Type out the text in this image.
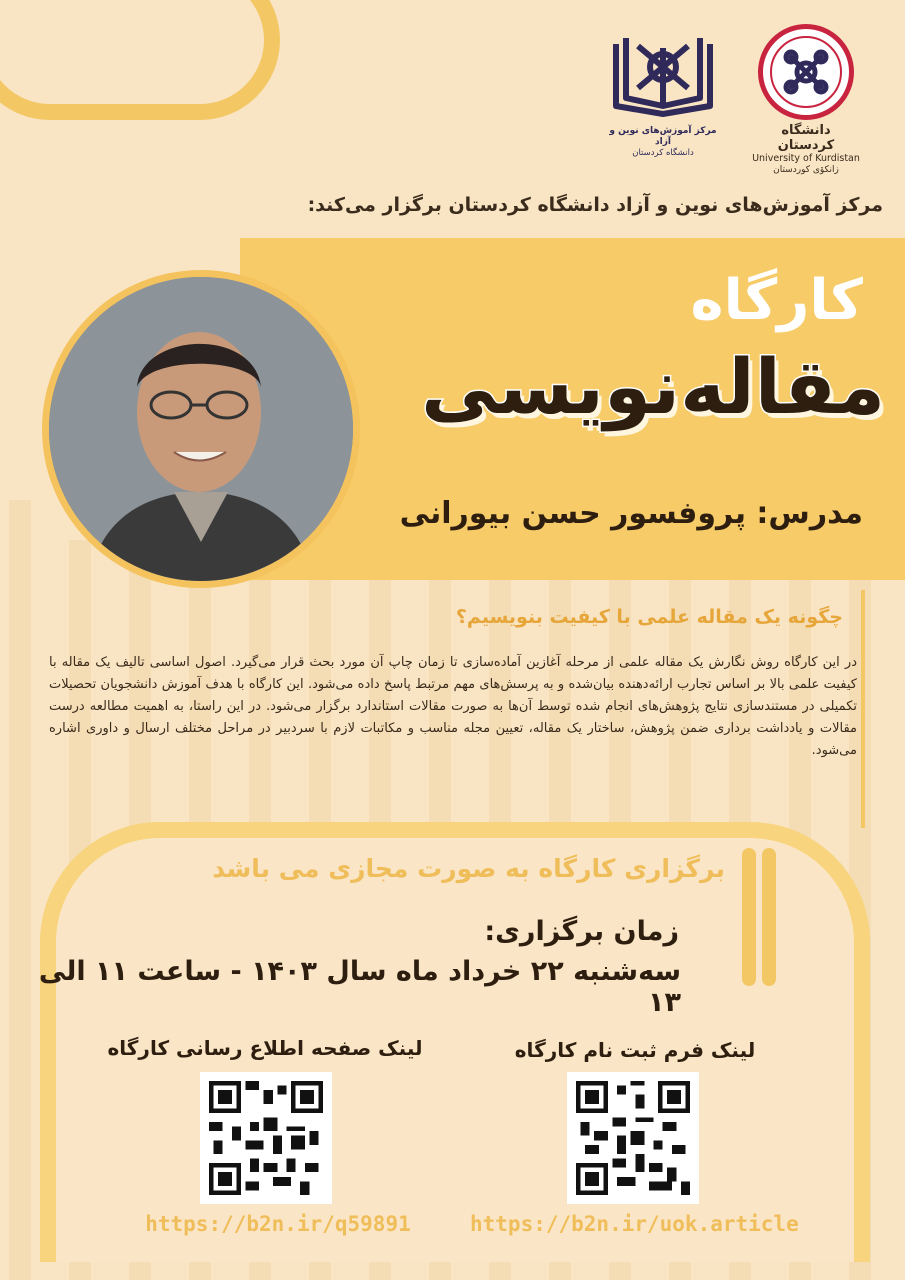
دانشگاه کردستان
University of Kurdistan
زانکۆی کوردستان
مرکز آموزش‌های نوین و آزاد
دانشگاه کردستان
مرکز آموزش‌های نوین و آزاد دانشگاه کردستان برگزار می‌کند:
کارگاه
مقاله‌نویسی
مدرس: پروفسور حسن بیورانی
چگونه یک مقاله علمی با کیفیت بنویسیم؟
در این کارگاه روش نگارش یک مقاله علمی از مرحله آغازین آماده‌سازی تا زمان چاپ آن مورد بحث قرار می‌گیرد. اصول اساسی تالیف یک مقاله با کیفیت علمی بالا بر اساس تجارب ارائه‌دهنده بیان‌شده و به پرسش‌های مهم مرتبط پاسخ داده می‌شود. این کارگاه با هدف آموزش دانشجویان تحصیلات تکمیلی در مستندسازی نتایج پژوهش‌های انجام شده توسط آن‌ها به صورت مقالات استاندارد برگزار می‌شود. در این راستا، به اهمیت مطالعه درست مقالات و یادداشت برداری ضمن پژوهش، ساختار یک مقاله، تعیین مجله مناسب و مکاتبات لازم با سردبیر در مراحل مختلف ارسال و داوری اشاره می‌شود.
برگزاری کارگاه به صورت مجازی می باشد
زمان برگزاری:
سه‌شنبه ۲۲ خرداد ماه سال ۱۴۰۳ - ساعت ۱۱ الی ۱۳
لینک فرم ثبت نام کارگاه
لینک صفحه اطلاع رسانی کارگاه
https://b2n.ir/uok.article
https://b2n.ir/q59891
